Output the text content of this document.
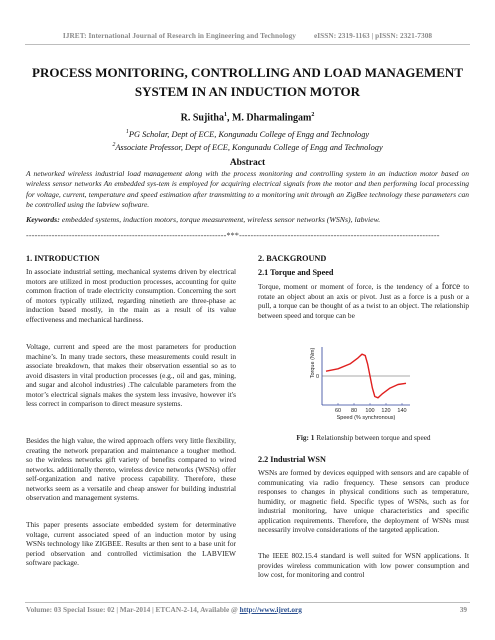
IJRET: International Journal of Research in Engineering and Technology eISSN: 2319-1163 | pISSN: 2321-7308
PROCESS MONITORING, CONTROLLING AND LOAD MANAGEMENT SYSTEM IN AN INDUCTION MOTOR
R. Sujitha$^1$, M. Dharmalingam$^2$
$^1$PG Scholar, Dept of ECE, Kongunadu College of Engg and Technology
$^2$Associate Professor, Dept of ECE, Kongunadu College of Engg and Technology
Abstract
A networked wireless industrial load management along with the process monitoring and controlling system in an induction motor based on wireless sensor networks An embedded sys-tem is employed for acquiring electrical signals from the motor and then performing local processing for voltage, current, temperature and speed estimation after transmitting to a monitoring unit through an ZigBee technology these parameters can be controlled using the labview software.
Keywords: embedded systems, induction motors, torque measurement, wireless sensor networks (WSNs), labview.
----------------------------------------------------------------------***----------------------------------------------------------------------
1. INTRODUCTION
In associate industrial setting, mechanical systems driven by electrical motors are utilized in most production processes, accounting for quite common fraction of trade electricity consumption. Concerning the sort of motors typically utilized, regarding ninetieth are three-phase ac induction based mostly, in the main as a result of its value effectiveness and mechanical hardiness.
Voltage, current and speed are the most parameters for production machine’s. In many trade sectors, these measurements could result in associate breakdown, that makes their observation essential so as to avoid disasters in vital production processes (e.g., oil and gas, mining, and sugar and alcohol industries) .The calculable parameters from the motor’s electrical signals makes the system less invasive, however it's less correct in comparison to direct measure systems.
Besides the high value, the wired approach offers very little flexibility, creating the network preparation and maintenance a tougher method. so the wireless networks gift variety of benefits compared to wired networks. additionally thereto, wireless device networks (WSNs) offer self-organization and native process capability. Therefore, these networks seem as a versatile and cheap answer for building industrial observation and management systems.
This paper presents associate embedded system for determinative voltage, current associated speed of an induction motor by using WSNs technology like ZIGBEE. Results ar then sent to a base unit for period observation and controlled victimisation the LABVIEW software package.
2. BACKGROUND
2.1 Torque and Speed
Torque, moment or moment of force, is the tendency of a force to rotate an object about an axis or pivot. Just as a force is a push or a pull, a torque can be thought of as a twist to an object. The relationship between speed and torque can be
60 80 100 120 140
0
Speed (% synchronous)
Torque (Nm)
Fig: 1 Relationship between torque and speed
2.2 Industrial WSN
WSNs are formed by devices equipped with sensors and are capable of communicating via radio frequency. These sensors can produce responses to changes in physical conditions such as temperature, humidity, or magnetic field. Specific types of WSNs, such as for industrial monitoring, have unique characteristics and specific application requirements. Therefore, the deployment of WSNs must necessarily involve considerations of the targeted application.
The IEEE 802.15.4 standard is well suited for WSN applications. It provides wireless communication with low power consumption and low cost, for monitoring and control
Volume: 03 Special Issue: 02 | Mar-2014 | ETCAN-2-14, Available @ http://www.ijret.org	39
